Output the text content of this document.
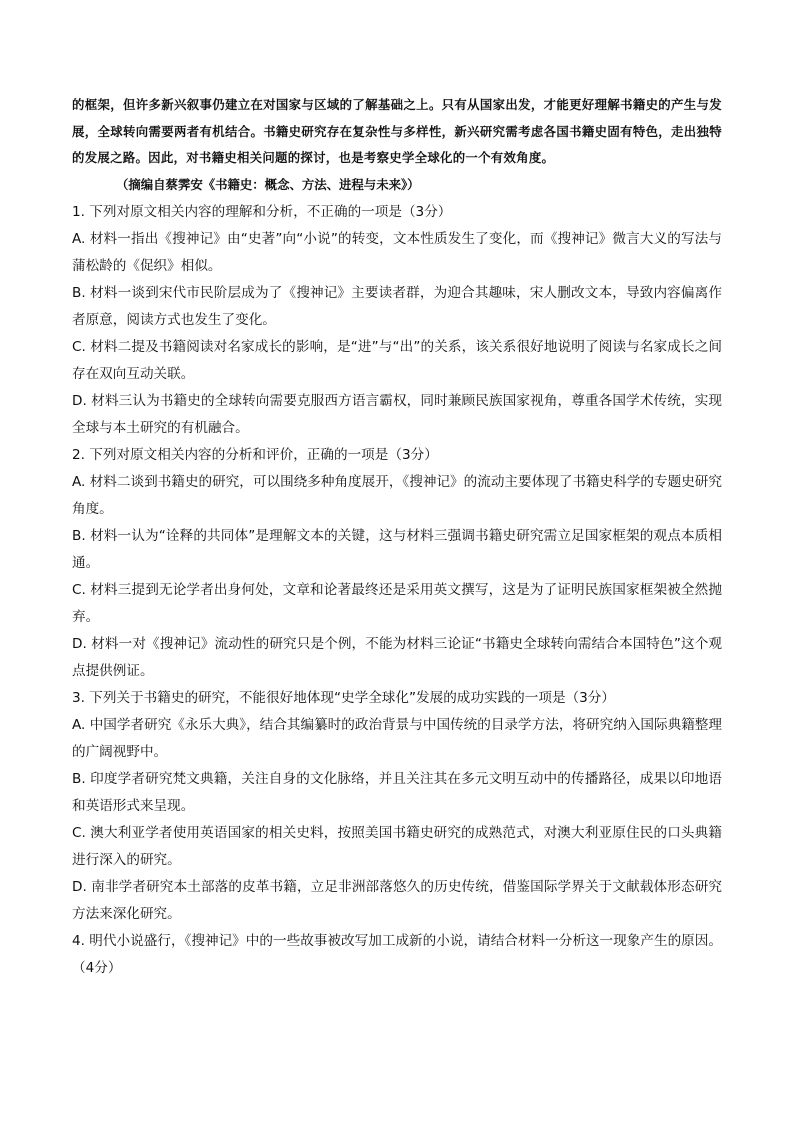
的框架，但许多新兴叙事仍建立在对国家与区域的了解基础之上。只有从国家出发，才能更好理解书籍史的产生与发展，全球转向需要两者有机结合。书籍史研究存在复杂性与多样性，新兴研究需考虑各国书籍史固有特色，走出独特的发展之路。因此，对书籍史相关问题的探讨，也是考察史学全球化的一个有效角度。

（摘编自蔡霁安《书籍史：概念、方法、进程与未来》）

1. 下列对原文相关内容的理解和分析，不正确的一项是（3分）

A. 材料一指出《搜神记》由“史著”向“小说”的转变，文本性质发生了变化，而《搜神记》微言大义的写法与蒲松龄的《促织》相似。

B. 材料一谈到宋代市民阶层成为了《搜神记》主要读者群，为迎合其趣味，宋人删改文本，导致内容偏离作者原意，阅读方式也发生了变化。

C. 材料二提及书籍阅读对名家成长的影响，是“进”与“出”的关系，该关系很好地说明了阅读与名家成长之间存在双向互动关联。

D. 材料三认为书籍史的全球转向需要克服西方语言霸权，同时兼顾民族国家视角，尊重各国学术传统，实现全球与本土研究的有机融合。

2. 下列对原文相关内容的分析和评价，正确的一项是（3分）

A. 材料二谈到书籍史的研究，可以围绕多种角度展开，《搜神记》的流动主要体现了书籍史科学的专题史研究角度。

B. 材料一认为“诠释的共同体”是理解文本的关键，这与材料三强调书籍史研究需立足国家框架的观点本质相通。

C. 材料三提到无论学者出身何处，文章和论著最终还是采用英文撰写，这是为了证明民族国家框架被全然抛弃。

D. 材料一对《搜神记》流动性的研究只是个例，不能为材料三论证“书籍史全球转向需结合本国特色”这个观点提供例证。

3. 下列关于书籍史的研究，不能很好地体现“史学全球化”发展的成功实践的一项是（3分）

A. 中国学者研究《永乐大典》，结合其编纂时的政治背景与中国传统的目录学方法，将研究纳入国际典籍整理的广阔视野中。

B. 印度学者研究梵文典籍，关注自身的文化脉络，并且关注其在多元文明互动中的传播路径，成果以印地语和英语形式来呈现。

C. 澳大利亚学者使用英语国家的相关史料，按照美国书籍史研究的成熟范式，对澳大利亚原住民的口头典籍进行深入的研究。

D. 南非学者研究本土部落的皮革书籍，立足非洲部落悠久的历史传统，借鉴国际学界关于文献载体形态研究方法来深化研究。

4. 明代小说盛行，《搜神记》中的一些故事被改写加工成新的小说，请结合材料一分析这一现象产生的原因。（4分）
